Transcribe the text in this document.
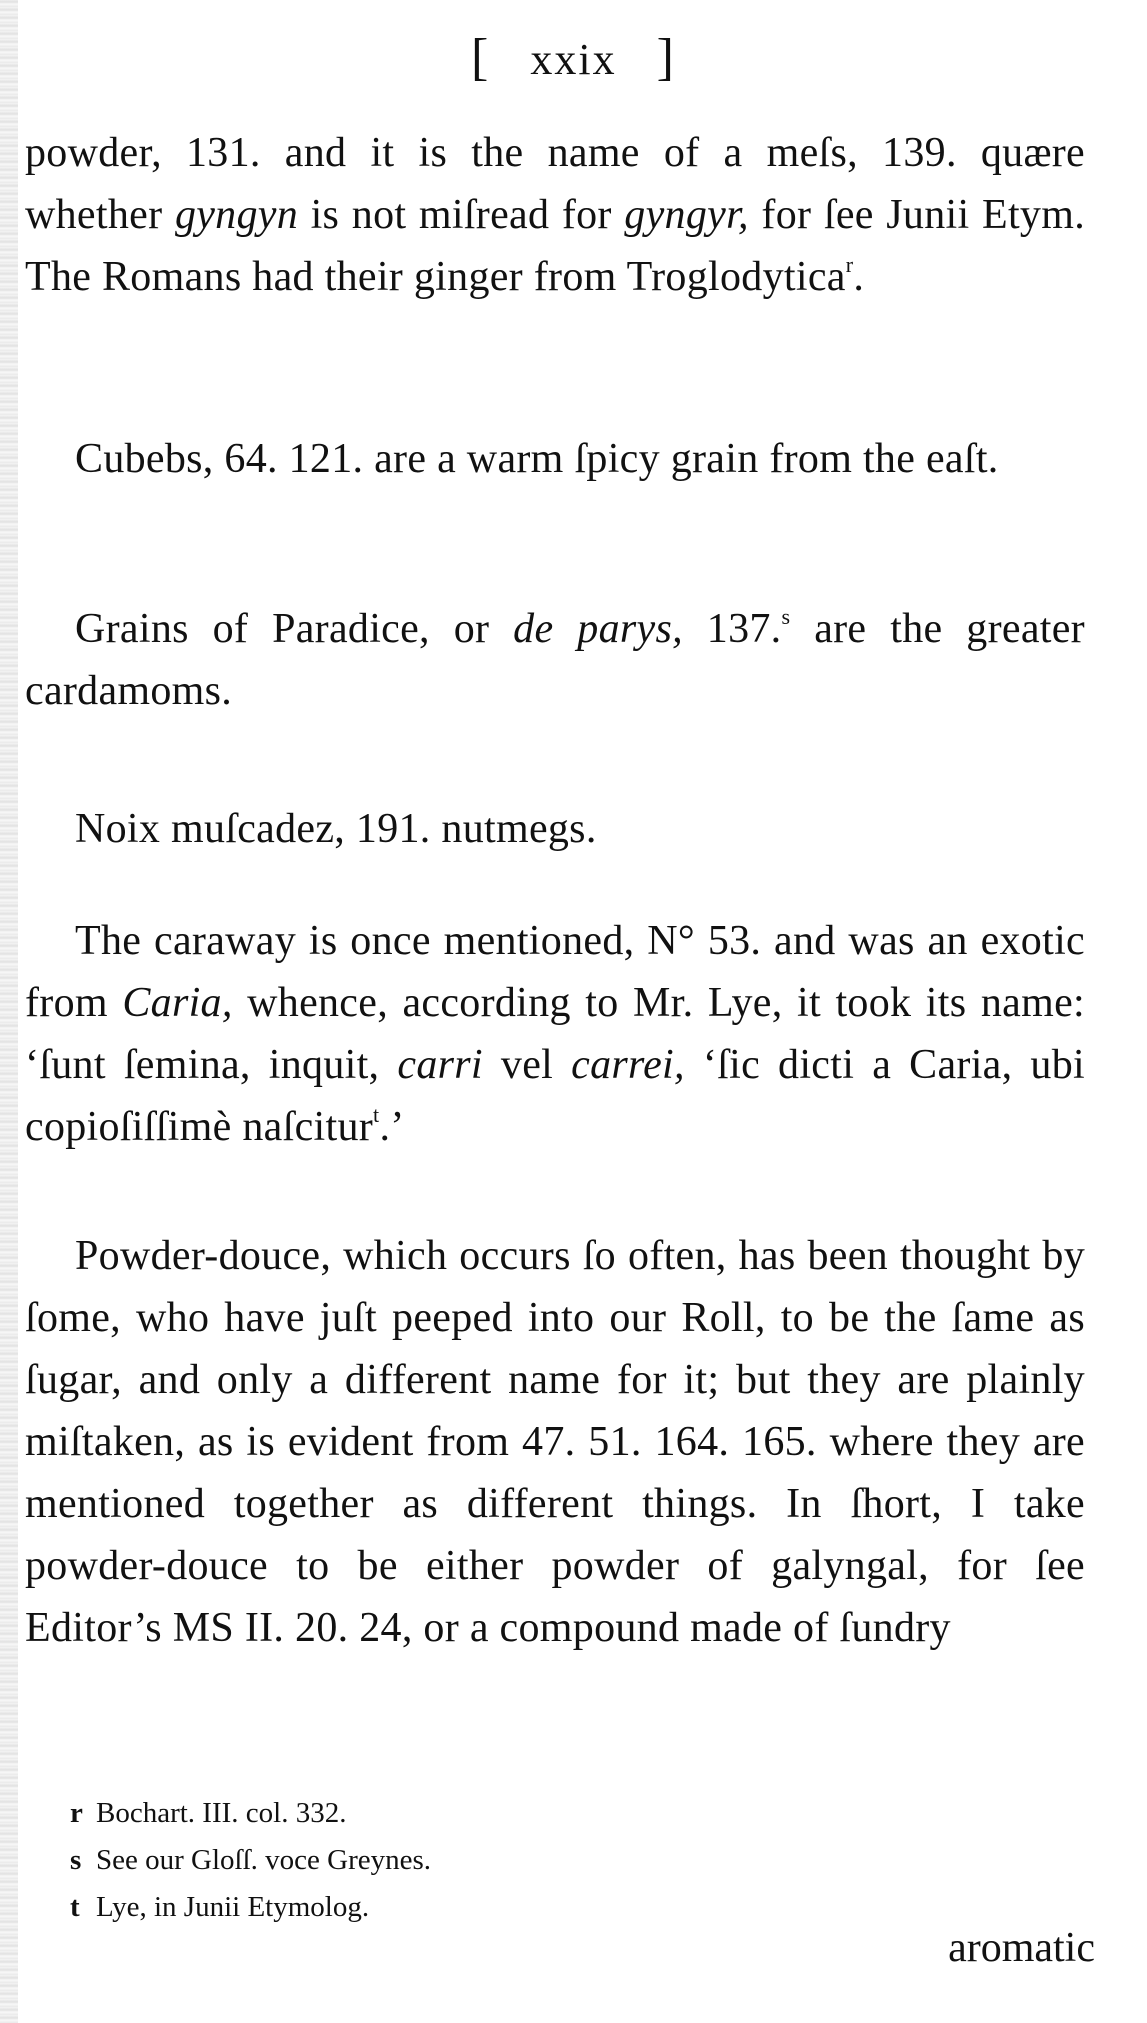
[ xxix ]

powder, 131. and it is the name of a meſs, 139. quære whether gyngyn is not miſread for gyngyr, for ſee Junii Etym. The Romans had their ginger from Troglodytica$^r$.

Cubebs, 64. 121. are a warm ſpicy grain from the eaſt.

Grains of Paradice, or de parys, 137.$^s$ are the greater cardamoms.

Noix muſcadez, 191. nutmegs.

The caraway is once mentioned, N° 53. and was an exotic from Caria, whence, according to Mr. Lye, it took its name: ‘ſunt ſemina, inquit, carri vel carrei, ‘ſic dicti a Caria, ubi copioſiſſimè naſcitur$^t$.’

Powder-douce, which occurs ſo often, has been thought by ſome, who have juſt peeped into our Roll, to be the ſame as ſugar, and only a different name for it; but they are plainly miſtaken, as is evident from 47. 51. 164. 165. where they are mentioned together as different things. In ſhort, I take powder-douce to be either powder of galyngal, for ſee Editor’s MS II. 20. 24, or a compound made of ſundry

r Bochart. III. col. 332.
s See our Gloſſ. voce Greynes.
t Lye, in Junii Etymolog.
aromatic
